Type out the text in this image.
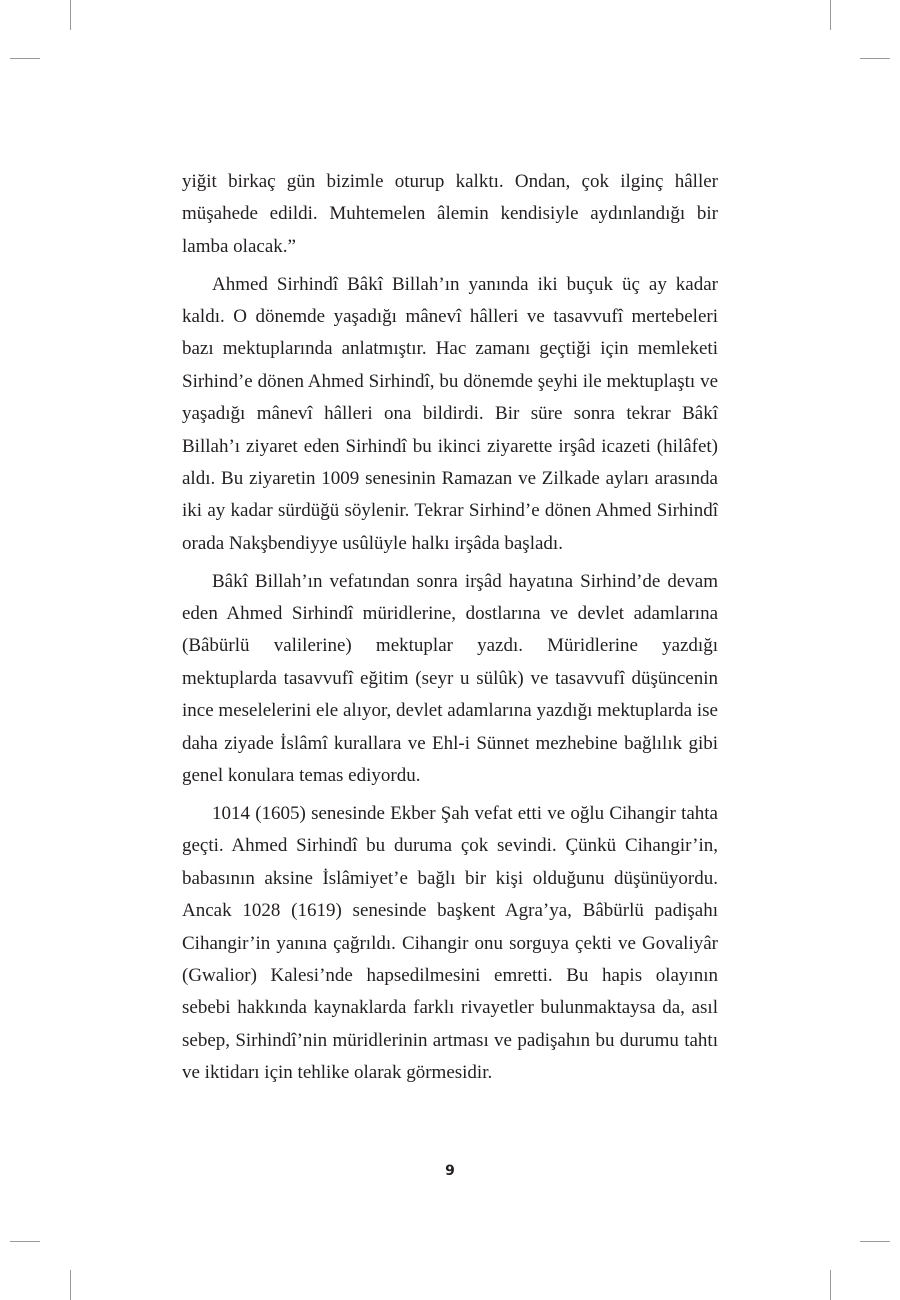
yiğit birkaç gün bizimle oturup kalktı. Ondan, çok ilginç hâller müşahede edildi. Muhtemelen âlemin kendisiyle aydınlandığı bir lamba olacak.”

Ahmed Sirhindî Bâkî Billah’ın yanında iki buçuk üç ay kadar kaldı. O dönemde yaşadığı mânevî hâlleri ve tasavvufî mertebeleri bazı mektuplarında anlatmıştır. Hac zamanı geçtiği için memleketi Sirhind’e dönen Ahmed Sirhindî, bu dönemde şeyhi ile mektuplaştı ve yaşadığı mânevî hâlleri ona bildirdi. Bir süre sonra tekrar Bâkî Billah’ı ziyaret eden Sirhindî bu ikinci ziyarette irşâd icazeti (hilâfet) aldı. Bu ziyaretin 1009 senesinin Ramazan ve Zilkade ayları arasında iki ay kadar sürdüğü söylenir. Tekrar Sirhind’e dönen Ahmed Sirhindî orada Nakşbendiyye usûlüyle halkı irşâda başladı.

Bâkî Billah’ın vefatından sonra irşâd hayatına Sirhind’de devam eden Ahmed Sirhindî müridlerine, dostlarına ve devlet adamlarına (Bâbürlü valilerine) mektuplar yazdı. Müridlerine yazdığı mektuplarda tasavvufî eğitim (seyr u sülûk) ve tasavvufî düşüncenin ince meselelerini ele alıyor, devlet adamlarına yazdığı mektuplarda ise daha ziyade İslâmî kurallara ve Ehl-i Sünnet mezhebine bağlılık gibi genel konulara temas ediyordu.

1014 (1605) senesinde Ekber Şah vefat etti ve oğlu Cihangir tahta geçti. Ahmed Sirhindî bu duruma çok sevindi. Çünkü Cihangir’in, babasının aksine İslâmiyet’e bağlı bir kişi olduğunu düşünüyordu. Ancak 1028 (1619) senesinde başkent Agra’ya, Bâbürlü padişahı Cihangir’in yanına çağrıldı. Cihangir onu sorguya çekti ve Govaliyâr (Gwalior) Kalesi’nde hapsedilmesini emretti. Bu hapis olayının sebebi hakkında kaynaklarda farklı rivayetler bulunmaktaysa da, asıl sebep, Sirhindî’nin müridlerinin artması ve padişahın bu durumu tahtı ve iktidarı için tehlike olarak görmesidir.

9
